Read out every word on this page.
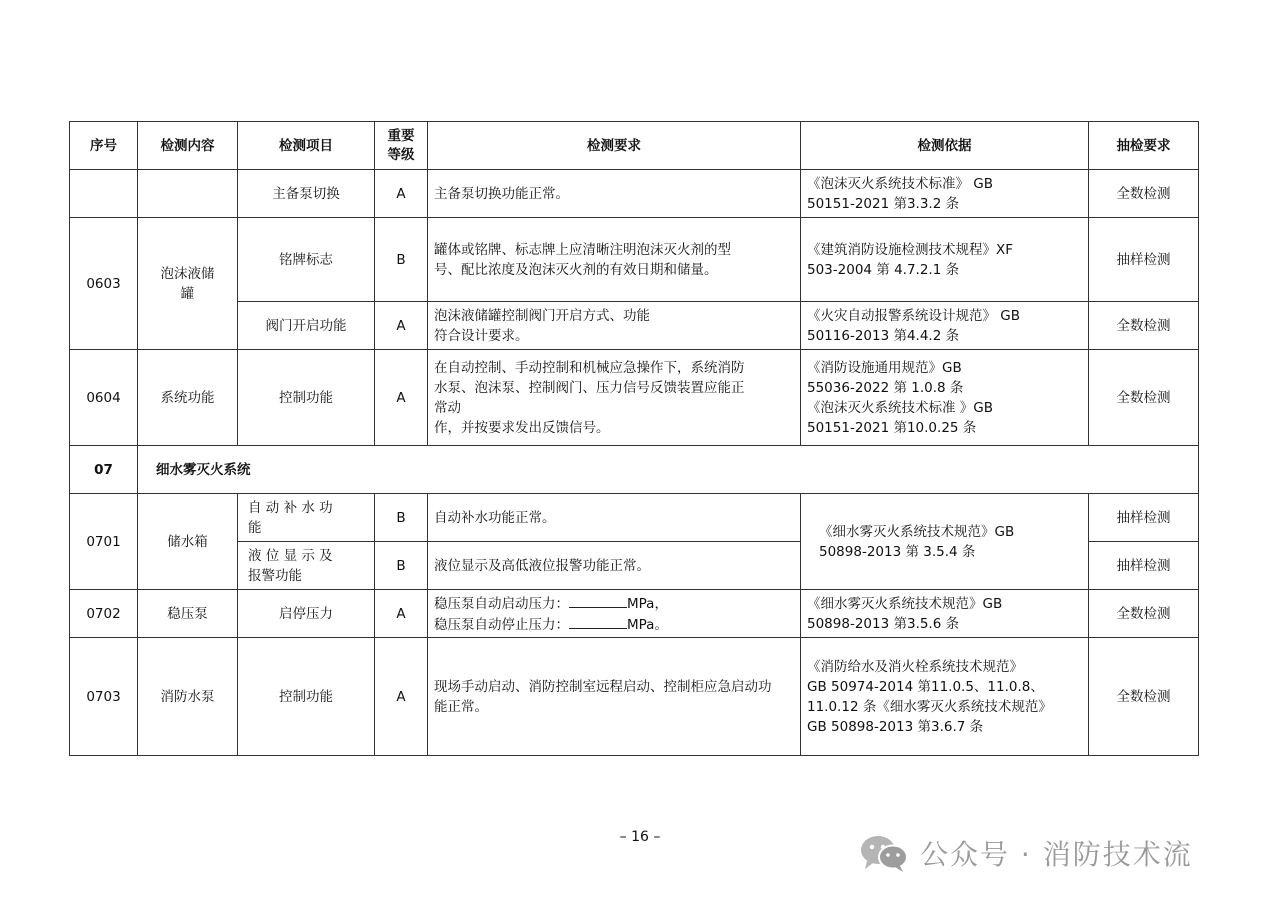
序号	检测内容	检测项目	重要等级	检测要求	检测依据	抽检要求
		主备泵切换	A	主备泵切换功能正常。	《泡沫灭火系统技术标准》 GB
50151-2021 第3.3.2 条	全数检测
0603	泡沫液储
罐	铭牌标志	B	罐体或铭牌、标志牌上应清晰注明泡沫灭火剂的型
号、配比浓度及泡沫灭火剂的有效日期和储量。	《建筑消防设施检测技术规程》XF
503-2004 第 4.7.2.1 条	抽样检测
		阀门开启功能	A	泡沫液储罐控制阀门开启方式、功能
符合设计要求。	《火灾自动报警系统设计规范》 GB
50116-2013 第4.4.2 条	全数检测
0604	系统功能	控制功能	A	在自动控制、手动控制和机械应急操作下，系统消防
水泵、泡沫泵、控制阀门、压力信号反馈装置应能正
常动
作，并按要求发出反馈信号。	《消防设施通用规范》GB
55036-2022 第 1.0.8 条
《泡沫灭火系统技术标准 》GB
50151-2021 第10.0.25 条	全数检测
07	细水雾灭火系统					
0701	储水箱	自 动 补 水 功
能	B	自动补水功能正常。	《细水雾灭火系统技术规范》GB
50898-2013 第 3.5.4 条	抽样检测

		液 位 显 示 及
报警功能	B	液位显示及高低液位报警功能正常。		抽样检测
0702	稳压泵	启停压力	A	稳压泵自动启动压力： MPa，
稳压泵自动停止压力： MPa。	《细水雾灭火系统技术规范》GB
50898-2013 第3.5.6 条	全数检测
0703	消防水泵	控制功能	A	现场手动启动、消防控制室远程启动、控制柜应急启动功
能正常。	《消防给水及消火栓系统技术规范》
GB 50974-2014 第11.0.5、11.0.8、
11.0.12 条《细水雾灭火系统技术规范》
GB 50898-2013 第3.6.7 条	全数检测
– 16 –
公众号 · 消防技术流
